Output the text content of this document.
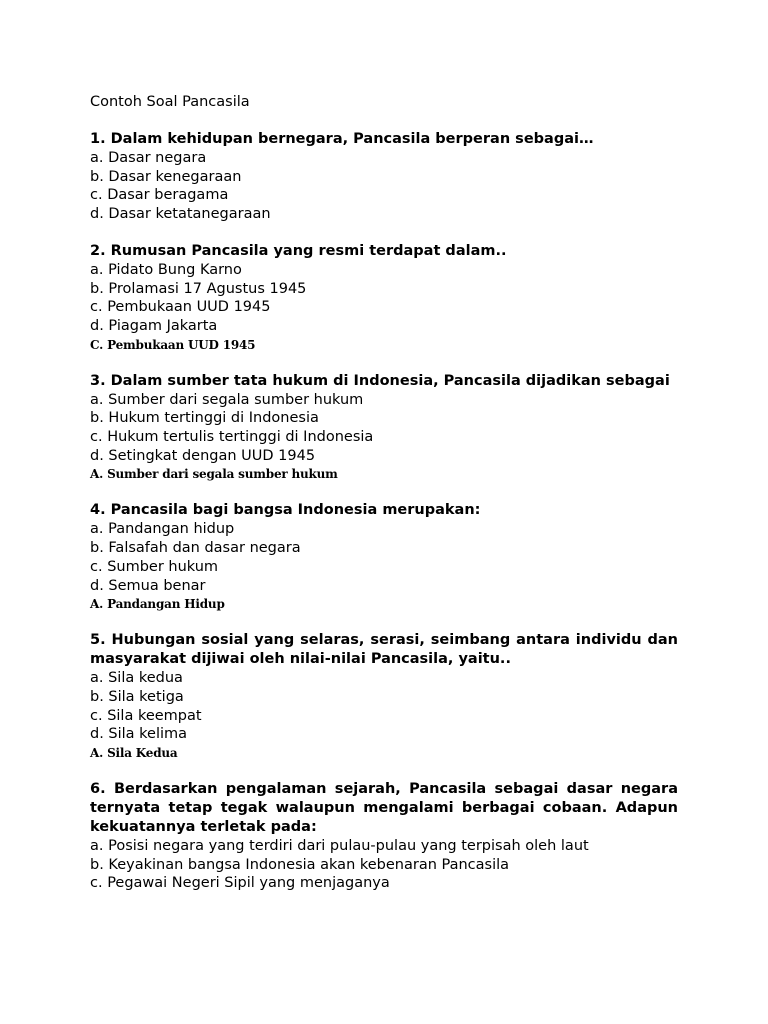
Contoh Soal Pancasila
1. Dalam kehidupan bernegara, Pancasila berperan sebagai…
a. Dasar negara
b. Dasar kenegaraan
c. Dasar beragama
d. Dasar ketatanegaraan
2. Rumusan Pancasila yang resmi terdapat dalam..
a. Pidato Bung Karno
b. Prolamasi 17 Agustus 1945
c. Pembukaan UUD 1945
d. Piagam Jakarta
C. Pembukaan UUD 1945
3. Dalam sumber tata hukum di Indonesia, Pancasila dijadikan sebagai
a. Sumber dari segala sumber hukum
b. Hukum tertinggi di Indonesia
c. Hukum tertulis tertinggi di Indonesia
d. Setingkat dengan UUD 1945
A. Sumber dari segala sumber hukum
4. Pancasila bagi bangsa Indonesia merupakan:
a. Pandangan hidup
b. Falsafah dan dasar negara
c. Sumber hukum
d. Semua benar
A. Pandangan Hidup
5. Hubungan sosial yang selaras, serasi, seimbang antara individu dan masyarakat dijiwai oleh nilai-nilai Pancasila, yaitu..
a. Sila kedua
b. Sila ketiga
c. Sila keempat
d. Sila kelima
A. Sila Kedua
6. Berdasarkan pengalaman sejarah, Pancasila sebagai dasar negara ternyata tetap tegak walaupun mengalami berbagai cobaan. Adapun kekuatannya terletak pada:
a. Posisi negara yang terdiri dari pulau-pulau yang terpisah oleh laut
b. Keyakinan bangsa Indonesia akan kebenaran Pancasila
c. Pegawai Negeri Sipil yang menjaganya
